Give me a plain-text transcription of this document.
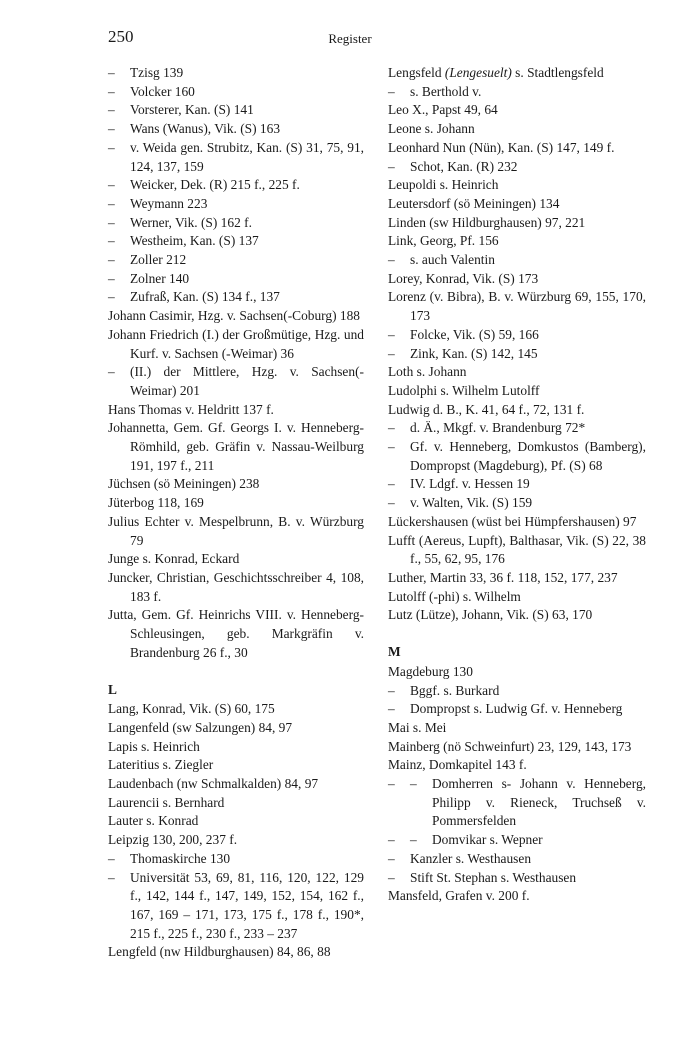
250	Register
–	Tzisg 139
–	Volcker 160
–	Vorsterer, Kan. (S) 141
–	Wans (Wanus), Vik. (S) 163
–	v. Weida gen. Strubitz, Kan. (S) 31, 75, 91, 124, 137, 159
–	Weicker, Dek. (R) 215 f., 225 f.
–	Weymann 223
–	Werner, Vik. (S) 162 f.
–	Westheim, Kan. (S) 137
–	Zoller 212
–	Zolner 140
–	Zufraß, Kan. (S) 134 f., 137
Johann Casimir, Hzg. v. Sachsen(-Coburg) 188
Johann Friedrich (I.) der Großmütige, Hzg. und Kurf. v. Sachsen (-Weimar) 36
–	(II.) der Mittlere, Hzg. v. Sachsen(-Weimar) 201
Hans Thomas v. Heldritt 137 f.
Johannetta, Gem. Gf. Georgs I. v. Henneberg-Römhild, geb. Gräfin v. Nassau-Weilburg 191, 197 f., 211
Jüchsen (sö Meiningen) 238
Jüterbog 118, 169
Julius Echter v. Mespelbrunn, B. v. Würzburg 79
Junge s. Konrad, Eckard
Juncker, Christian, Geschichtsschreiber 4, 108, 183 f.
Jutta, Gem. Gf. Heinrichs VIII. v. Henneberg-Schleusingen, geb. Markgräfin v. Brandenburg 26 f., 30
L
Lang, Konrad, Vik. (S) 60, 175
Langenfeld (sw Salzungen) 84, 97
Lapis s. Heinrich
Lateritius s. Ziegler
Laudenbach (nw Schmalkalden) 84, 97
Laurencii s. Bernhard
Lauter s. Konrad
Leipzig 130, 200, 237 f.
–	Thomaskirche 130
–	Universität 53, 69, 81, 116, 120, 122, 129 f., 142, 144 f., 147, 149, 152, 154, 162 f., 167, 169 – 171, 173, 175 f., 178 f., 190*, 215 f., 225 f., 230 f., 233 – 237
Lengfeld (nw Hildburghausen) 84, 86, 88
Lengsfeld (Lengesuelt) s. Stadtlengsfeld
–	s. Berthold v.
Leo X., Papst 49, 64
Leone s. Johann
Leonhard Nun (Nün), Kan. (S) 147, 149 f.
–	Schot, Kan. (R) 232
Leupoldi s. Heinrich
Leutersdorf (sö Meiningen) 134
Linden (sw Hildburghausen) 97, 221
Link, Georg, Pf. 156
–	s. auch Valentin
Lorey, Konrad, Vik. (S) 173
Lorenz (v. Bibra), B. v. Würzburg 69, 155, 170, 173
–	Folcke, Vik. (S) 59, 166
–	Zink, Kan. (S) 142, 145
Loth s. Johann
Ludolphi s. Wilhelm Lutolff
Ludwig d. B., K. 41, 64 f., 72, 131 f.
–	d. Ä., Mkgf. v. Brandenburg 72*
–	Gf. v. Henneberg, Domkustos (Bamberg), Dompropst (Magdeburg), Pf. (S) 68
–	IV. Ldgf. v. Hessen 19
–	v. Walten, Vik. (S) 159
Lückershausen (wüst bei Hümpfershausen) 97
Lufft (Aereus, Lupft), Balthasar, Vik. (S) 22, 38 f., 55, 62, 95, 176
Luther, Martin 33, 36 f. 118, 152, 177, 237
Lutolff (-phi) s. Wilhelm
Lutz (Lütze), Johann, Vik. (S) 63, 170
M
Magdeburg 130
–	Bggf. s. Burkard
–	Dompropst s. Ludwig Gf. v. Henneberg
Mai s. Mei
Mainberg (nö Schweinfurt) 23, 129, 143, 173
Mainz, Domkapitel 143 f.
– –	Domherren s- Johann v. Henneberg, Philipp v. Rieneck, Truchseß v. Pommersfelden
– –	Domvikar s. Wepner
–	Kanzler s. Westhausen
–	Stift St. Stephan s. Westhausen
Mansfeld, Grafen v. 200 f.
